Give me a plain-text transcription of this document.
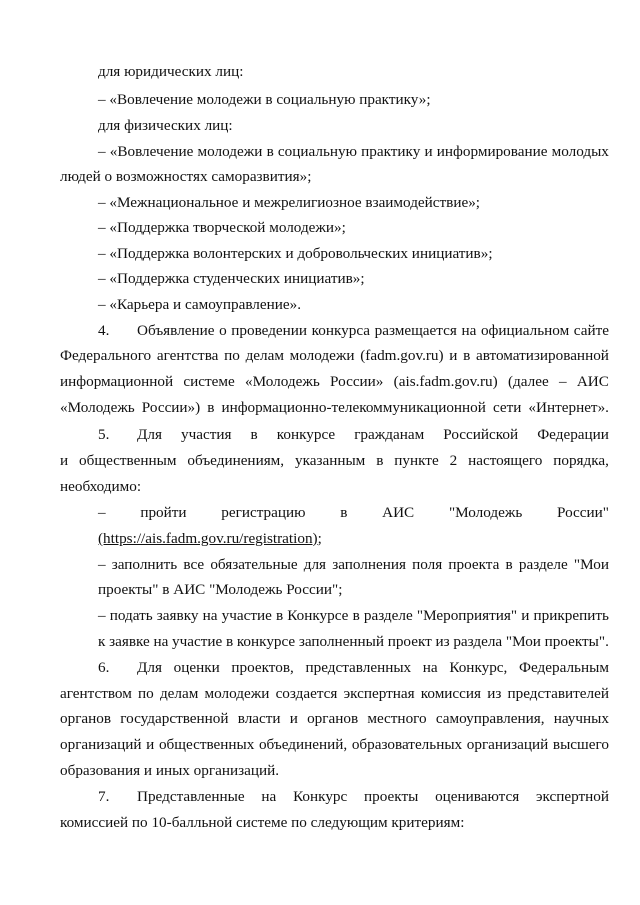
для юридических лиц:
– «Вовлечение молодежи в социальную практику»;
для физических лиц:
– «Вовлечение молодежи в социальную практику и информирование молодых
людей о возможностях саморазвития»;
– «Межнациональное и межрелигиозное взаимодействие»;
– «Поддержка творческой молодежи»;
– «Поддержка волонтерских и добровольческих инициатив»;
– «Поддержка студенческих инициатив»;
– «Карьера и самоуправление».
4. Объявление о проведении конкурса размещается на официальном сайте
Федерального агентства по делам молодежи (fadm.gov.ru) и в автоматизированной
информационной системе «Молодежь России» (ais.fadm.gov.ru) (далее – АИС
«Молодежь России») в информационно-телекоммуникационной сети «Интернет».
5. Для участия в конкурсе гражданам Российской Федерации
и общественным объединениям, указанным в пункте 2 настоящего порядка,
необходимо:
– пройти регистрацию в АИС "Молодежь России"
(https://ais.fadm.gov.ru/registration);
– заполнить все обязательные для заполнения поля проекта в разделе "Мои
проекты" в АИС "Молодежь России";
– подать заявку на участие в Конкурсе в разделе "Мероприятия" и прикрепить
к заявке на участие в конкурсе заполненный проект из раздела "Мои проекты".
6. Для оценки проектов, представленных на Конкурс, Федеральным
агентством по делам молодежи создается экспертная комиссия из представителей
органов государственной власти и органов местного самоуправления, научных
организаций и общественных объединений, образовательных организаций высшего
образования и иных организаций.
7. Представленные на Конкурс проекты оцениваются экспертной
комиссией по 10-балльной системе по следующим критериям:
